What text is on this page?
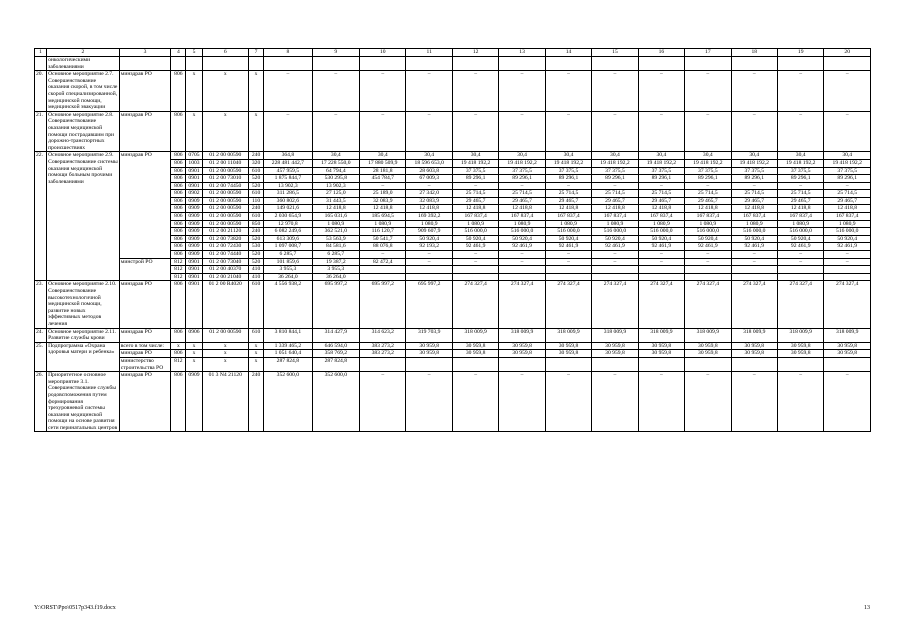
1	2	3	4	5	6	7	8	9	10	11	12	13	14	15	16	17	18	19	20
	онкологическими заболеваниями																		
20.	Основное мероприятие 2.7. Совершенствование оказания скорой, в том числе скорой специализированной, медицинской помощи, медицинской эвакуации	минздрав РО	806	х	х	х	–	–	–	–	–	–	–	–	–	–	–	–	–
21.	Основное мероприятие 2.8. Совершенствование оказания медицинской помощи пострадавшим при дорожно-транспортных происшествиях	минздрав РО	806	х	х	х	–	–	–	–	–	–	–	–	–	–	–	–	–
22.	Основное мероприятие 2.9. Совершенствование системы оказания медицинской помощи больным прочими заболеваниями	минздрав РО	806	0705	01 2 00 00590	240	364,8	30,4	30,4	30,4	30,4	30,4	30,4	30,4	30,4	30,4	30,4	30,4	30,4
			806	1003	01 2 00 11040	320	228 481 442,7	17 228 550,0	17 880 509,9	18 596 653,0	19 418 192,2	19 418 192,2	19 418 192,2	19 418 192,2	19 418 192,2	19 418 192,2	19 418 192,2	19 418 192,2	19 418 192,2
			806	0901	01 2 00 00590	610	457 959,5	64 794,4	28 181,8	28 603,8	37 375,5	37 375,5	37 375,5	37 375,5	37 375,5	37 375,5	37 375,5	37 375,5	37 375,5
			806	0901	01 2 00 73010	520	1 875 844,7	530 295,8	454 784,7	67 009,3	89 296,1	89 296,1	89 296,1	89 296,1	89 296,1	89 296,1	89 296,1	89 296,1	89 296,1
			806	0901	01 2 00 74450	520	13 902,3	13 902,3	–	–	–	–	–	–	–	–	–	–	–
			806	0902	01 2 00 00590	610	311 286,5	27 125,0	25 189,0	27 342,0	25 714,5	25 714,5	25 714,5	25 714,5	25 714,5	25 714,5	25 714,5	25 714,5	25 714,5
			806	0909	01 2 00 00590	110	360 802,6	31 443,5	32 083,9	32 083,9	29 465,7	29 465,7	29 465,7	29 465,7	29 465,7	29 465,7	29 465,7	29 465,7	29 465,7
			806	0909	01 2 00 00590	240	149 021,6	12 418,8	12 418,8	12 418,8	12 418,8	12 418,8	12 418,8	12 418,8	12 418,8	12 418,8	12 418,8	12 418,8	12 418,8
			806	0909	01 2 00 00590	610	2 030 654,9	165 031,6	185 694,5	169 392,2	167 837,4	167 837,4	167 837,4	167 837,4	167 837,4	167 837,4	167 837,4	167 837,4	167 837,4
			806	0909	01 2 00 00590	850	12 970,8	1 080,9	1 080,9	1 080,9	1 080,9	1 080,9	1 080,9	1 080,9	1 080,9	1 080,9	1 080,9	1 080,9	1 080,9
			806	0909	01 2 00 21120	240	6 082 249,6	362 521,0	116 120,7	909 607,9	516 000,0	516 000,0	516 000,0	516 000,0	516 000,0	516 000,0	516 000,0	516 000,0	516 000,0
			806	0909	01 2 00 73820	520	613 309,6	53 563,9	50 541,7	50 920,4	50 920,4	50 920,4	50 920,4	50 920,4	50 920,4	50 920,4	50 920,4	50 920,4	50 920,4
			806	0909	01 2 00 72430	530	1 097 008,7	84 581,6	88 076,8	92 193,2	92 461,9	92 461,9	92 461,9	92 461,9	92 461,9	92 461,9	92 461,9	92 461,9	92 461,9
			806	0909	01 2 00 74440	520	6 285,7	6 285,7	–	–	–	–	–	–	–	–	–	–	–
		минстрой РО	812	0901	01 2 00 73040	520	101 859,6	19 387,2	82 472,4	–	–	–	–	–	–	–	–	–	–
			812	0901	01 2 00 40370	410	3 955,3	3 955,3											
			812	0901	01 2 00 21040	410	36 264,0	36 264,0											
23.	Основное мероприятие 2.10. Совершенствование высокотехнологичной медицинской помощи, развитие новых эффективных методов лечения	минздрав РО	806	0901	01 2 00 R4020	610	4 556 938,2	695 997,2	695 997,2	695 997,2	274 327,4	274 327,4	274 327,4	274 327,4	274 327,4	274 327,4	274 327,4	274 327,4	274 327,4
24.	Основное мероприятие 2.11. Развитие службы крови	минздрав РО	806	0906	01 2 00 00590	610	3 810 844,1	314 427,9	314 623,2	319 703,9	318 009,9	318 009,9	318 009,9	318 009,9	318 009,9	318 009,9	318 009,9	318 009,9	318 009,9
25.	Подпрограмма «Охрана здоровья матери и ребенка»	всего в том числе:	х	х	х	х	1 339 465,2	646 594,0	383 273,2	30 959,8	30 959,8	30 959,8	30 959,8	30 959,8	30 959,8	30 959,8	30 959,8	30 959,8	30 959,8
		минздрав РО	806	х	х	х	1 051 640,4	358 769,2	383 273,2	30 959,8	30 959,8	30 959,8	30 959,8	30 959,8	30 959,8	30 959,8	30 959,8	30 959,8	30 959,8
		министерство строительства РО	812	х	х	х	287 824,8	287 824,8											
26.	Приоритетное основное мероприятие 3.1. Совершенствование службы родовспоможения путем формирования трехуровневой системы оказания медицинской помощи на основе развития сети перинатальных центров	минздрав РО	806	0909	01 3 N4 21120	240	352 600,0	352 600,0	–	–	–	–	–	–	–	–	–	–	–
Y:\ORST\Ppo\0517p343.f19.docx	13
